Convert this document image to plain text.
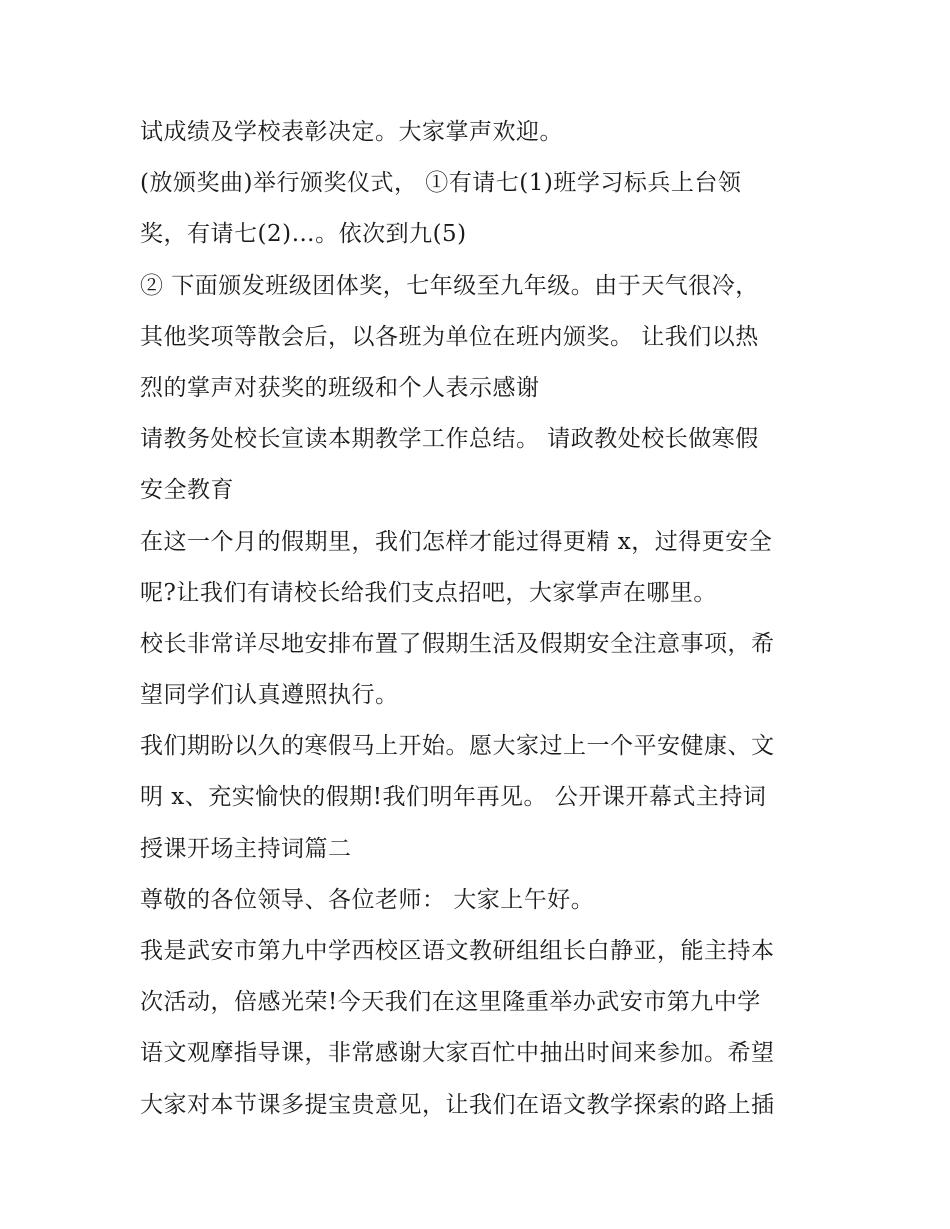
试成绩及学校表彰决定。大家掌声欢迎。
(放颁奖曲)举行颁奖仪式， ①有请七(1)班学习标兵上台领
奖，有请七(2)…。依次到九(5)
② 下面颁发班级团体奖，七年级至九年级。由于天气很冷，
其他奖项等散会后，以各班为单位在班内颁奖。 让我们以热
烈的掌声对获奖的班级和个人表示感谢
请教务处校长宣读本期教学工作总结。 请政教处校长做寒假
安全教育
在这一个月的假期里，我们怎样才能过得更精 x，过得更安全
呢?让我们有请校长给我们支点招吧，大家掌声在哪里。
校长非常详尽地安排布置了假期生活及假期安全注意事项，希
望同学们认真遵照执行。
我们期盼以久的寒假马上开始。愿大家过上一个平安健康、文
明 x、充实愉快的假期!我们明年再见。 公开课开幕式主持词
授课开场主持词篇二
尊敬的各位领导、各位老师： 大家上午好。
我是武安市第九中学西校区语文教研组组长白静亚，能主持本
次活动，倍感光荣!今天我们在这里隆重举办武安市第九中学
语文观摩指导课，非常感谢大家百忙中抽出时间来参加。希望
大家对本节课多提宝贵意见，让我们在语文教学探索的路上插
